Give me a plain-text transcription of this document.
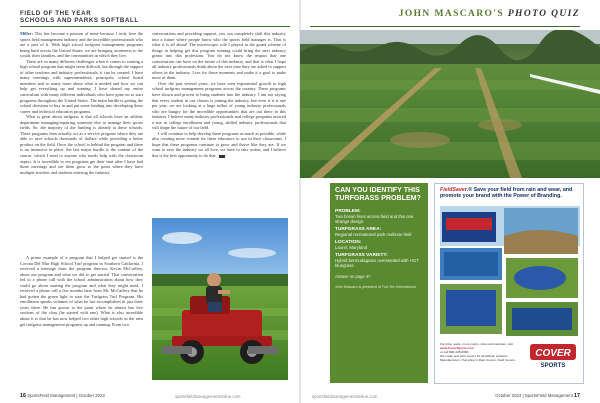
FIELD OF THE YEAR
SCHOOLS AND PARKS SOFTBALL
JOHN MASCARO'S PHOTO QUIZ

Miller: This has become a passion of mine because I truly love the sports field management industry and the incredible professionals who are a part of it. With high school turfgrass management programs being built across the United States, we are bringing awareness to the youth, their families, and the communities in which they live.

There are so many different challenges when it comes to starting a high school program that might seem difficult, but through the support of other teachers and industry professionals, it can be created. I have many meetings with superintendents, principals, school board members and so many more about what is needed and how we can help get everything up and running. I have shared my entire curriculum with many different individuals who have gone on to start programs throughout the United States. The main hurdle is getting the school divisions to buy in and put some funding into developing these career and technical education programs.

What is great about turfgrass is that all schools have an athletic department managing/repairing someone else to manage their sports fields. So, the majority of the funding is already at these schools. These programs then actually act as a service program where they are able to save schools thousands of dollars while providing a better product on the field. Once the school is behind the program and there is an instructor in place, the last major hurdle is the content of the course, which I send to anyone who needs help with the classroom aspect. It is incredible to see programs get their start after I have had those meetings and see them grow to the point where they have multiple teachers and students entering the industry.

A prime example of a program that I helped get started is the Corona Del Mar High School Turf program in Southern California. I received a message from the program director, Kevin McCaffrey, about our program and what we did to get started. That conversation led to a phone call with the school administration about how they could go about starting the program and what they might need. I received a phone call a few months later from Mr. McCaffrey that he had gotten the green light to start the Turfgrass Turf Program. His enrollment speaks volumes of what he has accomplished in just three years there. He has grown to the point where he almost has five sections of the class (he started with one). What is also incredible about it is that he has now helped two other high schools in the area get turfgrass management programs up and running. From two

conversations and providing support, you can completely shift this industry into a future where people know who the sports field manager is. That is what it is all about! The microscopic role I played in the grand scheme of things in helping get this program running could bring the next industry greats into this profession. You do not know the impact that one conversation can have on the future of this industry, and that is what I hope all industry professionals think about the next time they are asked to support others in the industry. Live for those moments and make it a goal to make more of them.

Over the past several years, we have seen exponential growth in high school turfgrass management programs across the country. These programs have shown and proven to bring students into the industry. I am not saying that every student in our classes is joining the industry, but even if it is one per year, we are looking at a huge influx of young industry professionals who are hungry for the incredible opportunities that are out there in this industry. I believe many industry professionals and college programs noticed a rise in college enrollment and young, skilled industry professionals that will shape the future of our field.

I will continue to help develop these programs as much as possible, while also creating more content for these educators to use in their classrooms. I hope that these programs continue to grow and thrive like they are. If we want to save the industry we all love, we have to take action, and I believe this is the best opportunity to do that.

CAN YOU IDENTIFY THIS TURFGRASS PROBLEM?
PROBLEM:
Two brown lines across field and this one strange design.
TURFGRASS AREA:
Regional recreational park multiuse field
LOCATION:
Laurel, Maryland
TURFGRASS VARIETY:
Hybrid bermudagrass overseeded with HGT bluegrass
Answer on page 47
John Mascaro is president of Turf-Tec International.
FieldSaver.® Save your field from rain and wear, and promote your brand with the Power of Branding.
For price quote, more colors, sizes and samples, visit
www.CoverSports.com
or call 800-445-6680
We make and print covers for all athletic surfaces Manufacturers: Humphrey's Rain Covers, Field Covers.
COVER
SPORTS
16 SportsField Management | October 2023	sportsfieldmanagementonline.com	sportsfieldmanagementonline.com	October 2023 | SportsField Management 17
